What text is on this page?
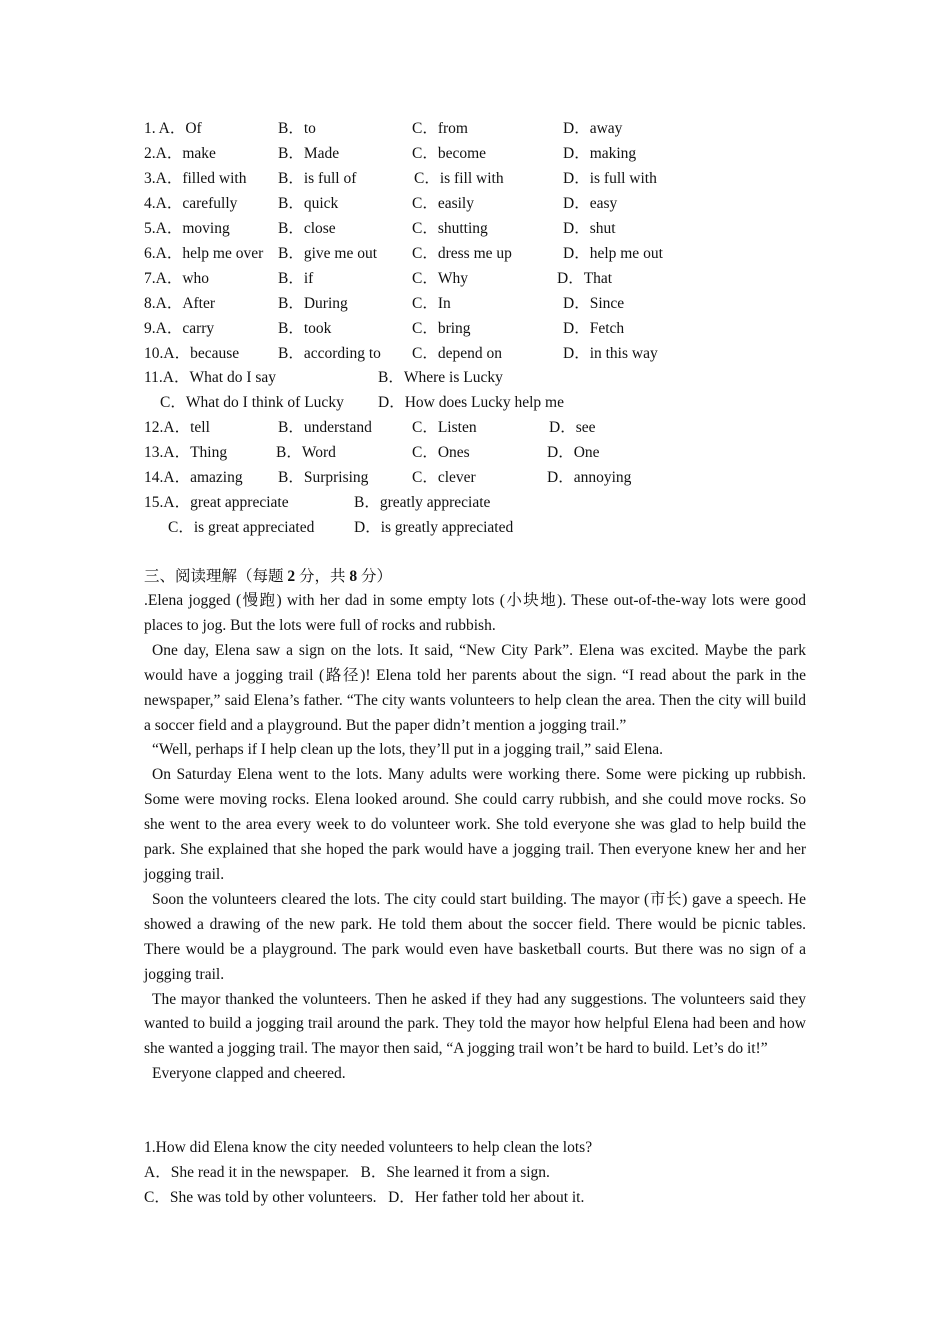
1. A．Of	B．to	C．from	D．away
2.A．make	B．Made	C．become	D．making
3.A．filled with B．is full of	C．is fill with	D．is full with
4.A．carefully	B．quick	C．easily	D．easy
5.A．moving	B．close	C．shutting	D．shut
6.A．help me over B．give me out C．dress me up	D．help me out
7.A．who	B．if	C．Why	D．That
8.A．After	B．During	C．In	D．Since
9.A．carry	B．took	C．bring	D．Fetch
10.A．because	B．according to C．depend on	D．in this way
11.A．What do I say	B．Where is Lucky
C．What do I think of Lucky D．How does Lucky help me
12.A．tell	B．understand	C．Listen	D．see
13.A．Thing	B．Word	C．Ones	D．One
14.A．amazing B．Surprising	C．clever	D．annoying
15.A．great appreciate	B．greatly appreciate
C．is great appreciated	D．is greatly appreciated
三、阅读理解（每题 2 分，共 8 分）

.Elena jogged (慢跑) with her dad in some empty lots (小块地). These out-of-the-way lots were good places to jog. But the lots were full of rocks and rubbish.

One day, Elena saw a sign on the lots. It said, “New City Park”. Elena was excited. Maybe the park would have a jogging trail (路径)! Elena told her parents about the sign. “I read about the park in the newspaper,” said Elena’s father. “The city wants volunteers to help clean the area. Then the city will build a soccer field and a playground. But the paper didn’t mention a jogging trail.”

“Well, perhaps if I help clean up the lots, they’ll put in a jogging trail,” said Elena.

On Saturday Elena went to the lots. Many adults were working there. Some were picking up rubbish. Some were moving rocks. Elena looked around. She could carry rubbish, and she could move rocks. So she went to the area every week to do volunteer work. She told everyone she was glad to help build the park. She explained that she hoped the park would have a jogging trail. Then everyone knew her and her jogging trail.

Soon the volunteers cleared the lots. The city could start building. The mayor (市长) gave a speech. He showed a drawing of the new park. He told them about the soccer field. There would be picnic tables. There would be a playground. The park would even have basketball courts. But there was no sign of a jogging trail.

The mayor thanked the volunteers. Then he asked if they had any suggestions. The volunteers said they wanted to build a jogging trail around the park. They told the mayor how helpful Elena had been and how she wanted a jogging trail. The mayor then said, “A jogging trail won’t be hard to build. Let’s do it!”

Everyone clapped and cheered.

1.How did Elena know the city needed volunteers to help clean the lots?
A．She read it in the newspaper.   B．She learned it from a sign.
C．She was told by other volunteers.   D．Her father told her about it.
